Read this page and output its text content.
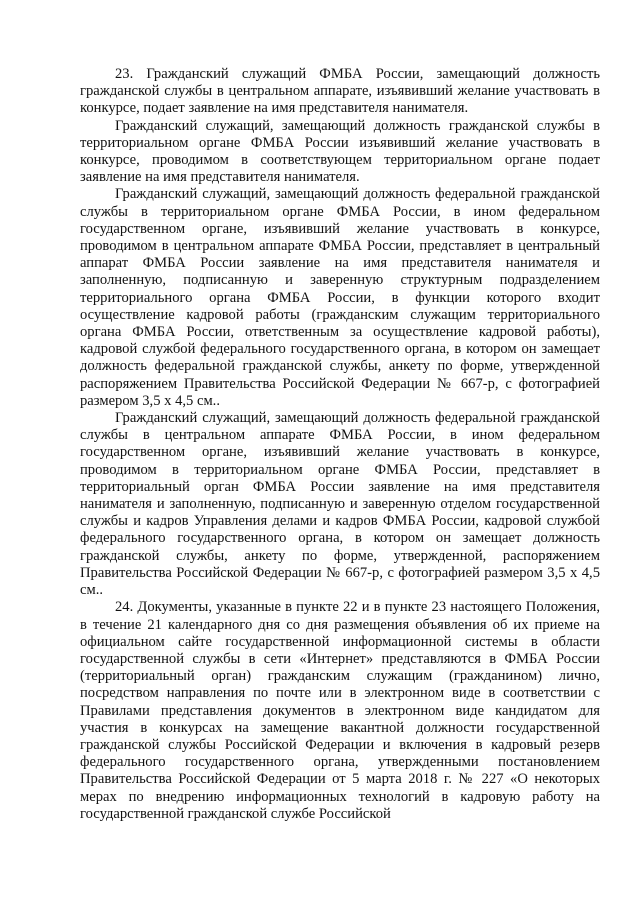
23. Гражданский служащий ФМБА России, замещающий должность гражданской службы в центральном аппарате, изъявивший желание участвовать в конкурсе, подает заявление на имя представителя нанимателя.

Гражданский служащий, замещающий должность гражданской службы в территориальном органе ФМБА России изъявивший желание участвовать в конкурсе, проводимом в соответствующем территориальном органе подает заявление на имя представителя нанимателя.

Гражданский служащий, замещающий должность федеральной гражданской службы в территориальном органе ФМБА России, в ином федеральном государственном органе, изъявивший желание участвовать в конкурсе, проводимом в центральном аппарате ФМБА России, представляет в центральный аппарат ФМБА России заявление на имя представителя нанимателя и заполненную, подписанную и заверенную структурным подразделением территориального органа ФМБА России, в функции которого входит осуществление кадровой работы (гражданским служащим территориального органа ФМБА России, ответственным за осуществление кадровой работы), кадровой службой федерального государственного органа, в котором он замещает должность федеральной гражданской службы, анкету по форме, утвержденной распоряжением Правительства Российской Федерации № 667-р, с фотографией размером 3,5 х 4,5 см..

Гражданский служащий, замещающий должность федеральной гражданской службы в центральном аппарате ФМБА России, в ином федеральном государственном органе, изъявивший желание участвовать в конкурсе, проводимом в территориальном органе ФМБА России, представляет в территориальный орган ФМБА России заявление на имя представителя нанимателя и заполненную, подписанную и заверенную отделом государственной службы и кадров Управления делами и кадров ФМБА России, кадровой службой федерального государственного органа, в котором он замещает должность гражданской службы, анкету по форме, утвержденной, распоряжением Правительства Российской Федерации № 667-р, с фотографией размером 3,5 х 4,5 см..

24. Документы, указанные в пункте 22 и в пункте 23 настоящего Положения, в течение 21 календарного дня со дня размещения объявления об их приеме на официальном сайте государственной информационной системы в области государственной службы в сети «Интернет» представляются в ФМБА России (территориальный орган) гражданским служащим (гражданином) лично, посредством направления по почте или в электронном виде в соответствии с Правилами представления документов в электронном виде кандидатом для участия в конкурсах на замещение вакантной должности государственной гражданской службы Российской Федерации и включения в кадровый резерв федерального государственного органа, утвержденными постановлением Правительства Российской Федерации от 5 марта 2018 г. № 227 «О некоторых мерах по внедрению информационных технологий в кадровую работу на государственной гражданской службе Российской
